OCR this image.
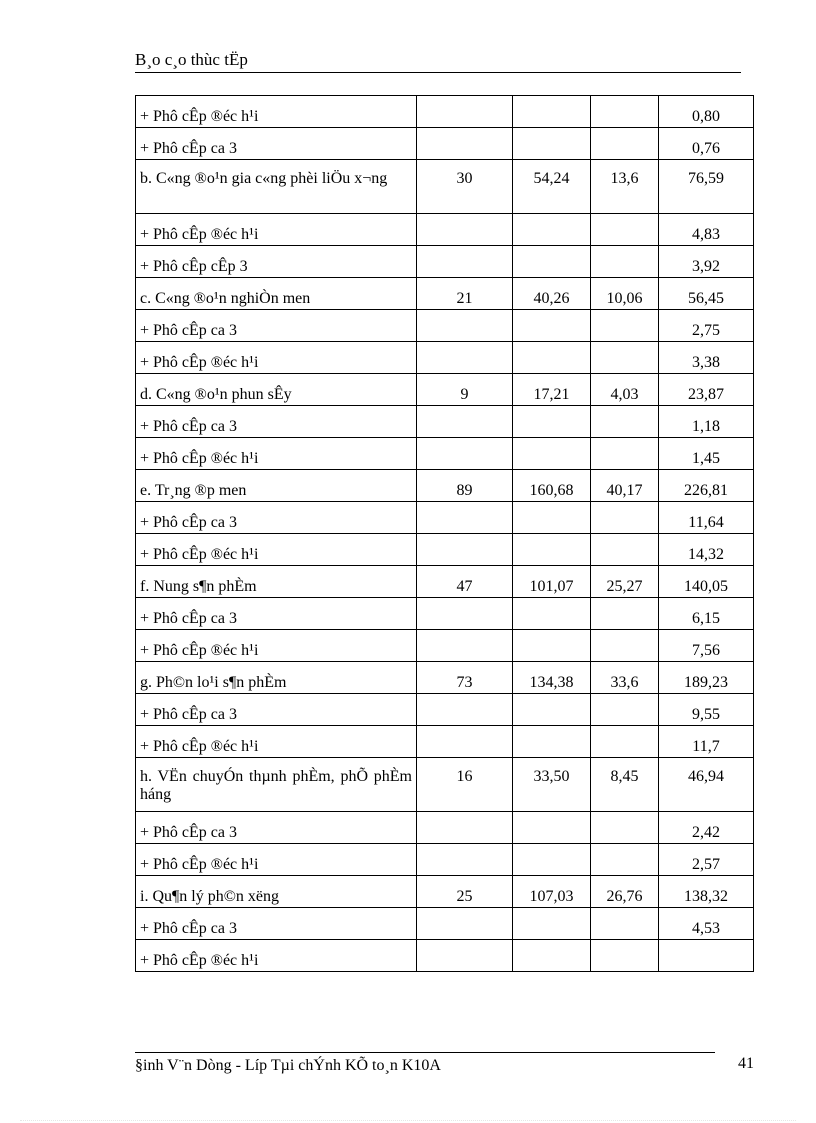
B¸o c¸o thùc tËp
+ Phô cÊp ®éc h¹i				0,80
+ Phô cÊp ca 3				0,76
b. C«ng ®o¹n gia c«ng phèi liÖu x¬ng	30	54,24	13,6	76,59
+ Phô cÊp ®éc h¹i				4,83
+ Phô cÊp cÊp 3				3,92
c. C«ng ®o¹n nghiÒn men	21	40,26	10,06	56,45
+ Phô cÊp ca 3				2,75
+ Phô cÊp ®éc h¹i				3,38
d. C«ng ®o¹n phun sÊy	9	17,21	4,03	23,87
+ Phô cÊp ca 3				1,18
+ Phô cÊp ®éc h¹i				1,45
e. Tr¸ng ®p men	89	160,68	40,17	226,81
+ Phô cÊp ca 3				11,64
+ Phô cÊp ®éc h¹i				14,32
f. Nung s¶n phÈm	47	101,07	25,27	140,05
+ Phô cÊp ca 3				6,15
+ Phô cÊp ®éc h¹i				7,56
g. Ph©n lo¹i s¶n phÈm	73	134,38	33,6	189,23
+ Phô cÊp ca 3				9,55
+ Phô cÊp ®éc h¹i				11,7
h. VËn chuyÓn thµnh phÈm, phÕ phÈm háng	16	33,50	8,45	46,94
+ Phô cÊp ca 3				2,42
+ Phô cÊp ®éc h¹i				2,57
i. Qu¶n lý ph©n xëng	25	107,03	26,76	138,32
+ Phô cÊp ca 3				4,53
+ Phô cÊp ®éc h¹i				
§inh V¨n Dòng - Líp Tµi chÝnh KÕ to¸n K10A	41
